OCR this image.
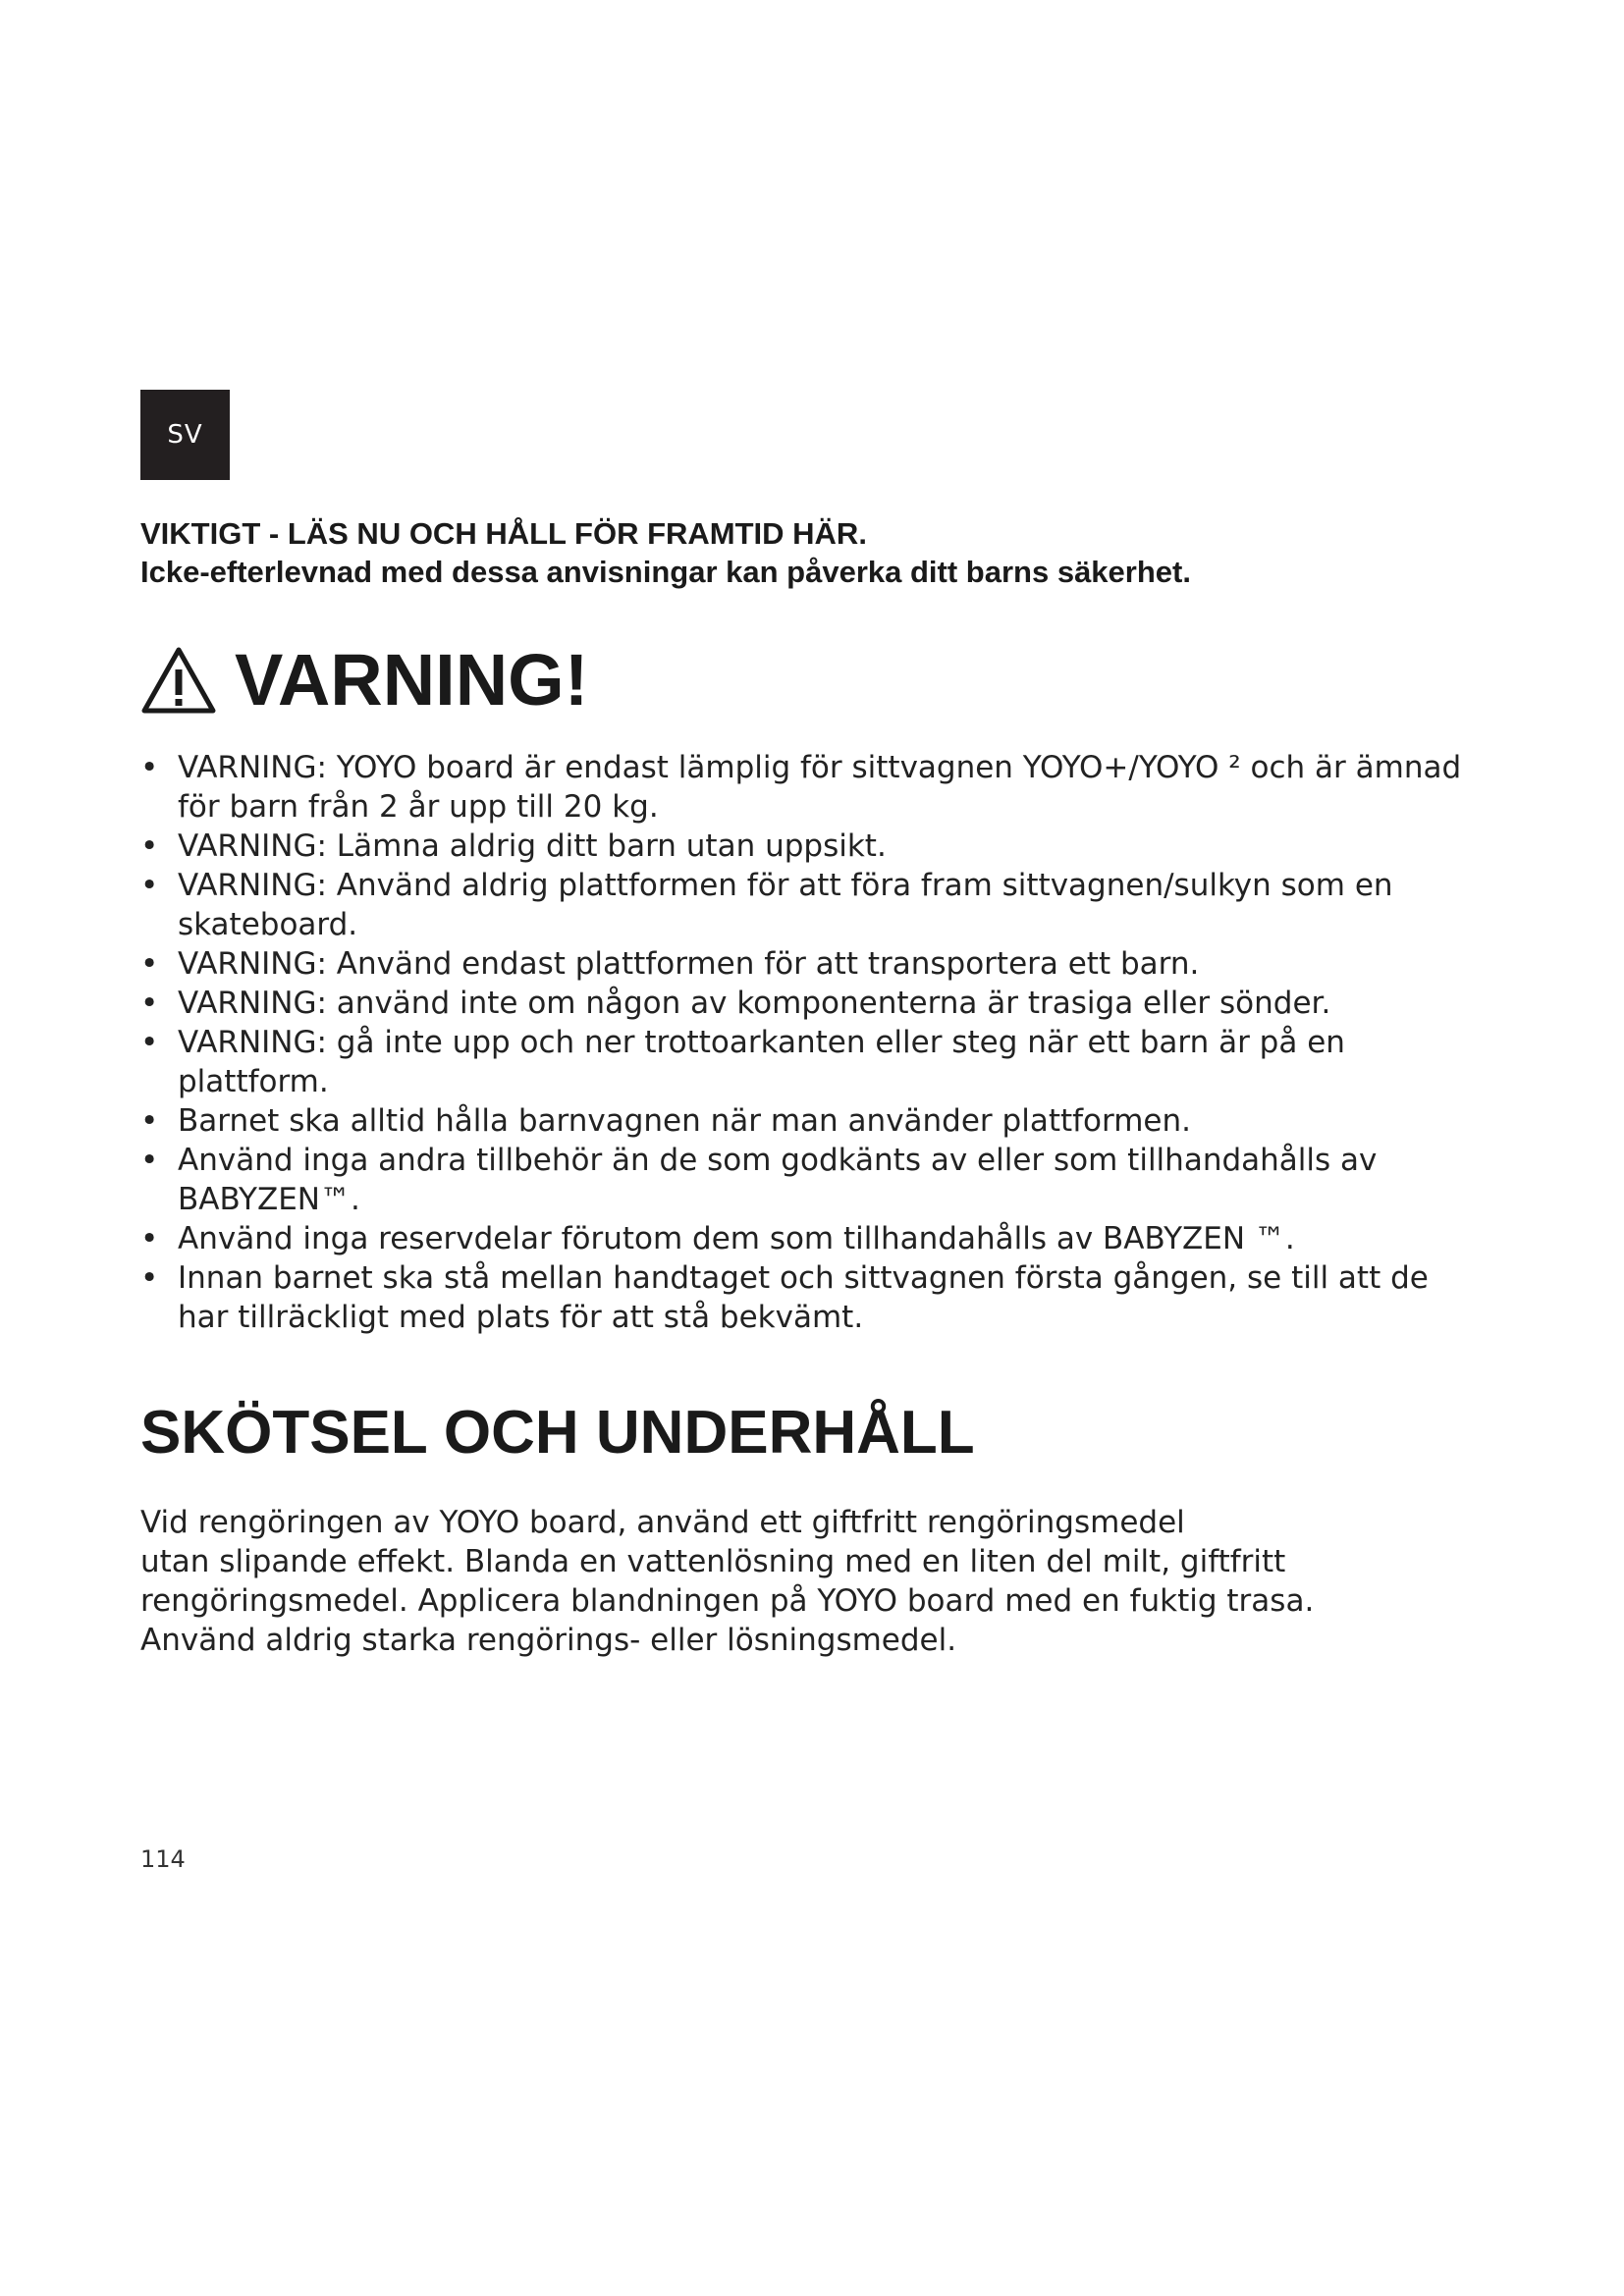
SV
VIKTIGT - LÄS NU OCH HÅLL FÖR FRAMTID HÄR.
Icke-efterlevnad med dessa anvisningar kan påverka ditt barns säkerhet.
VARNING!
• VARNING: YOYO board är endast lämplig för sittvagnen YOYO+/YOYO ² och är ämnad för barn från 2 år upp till 20 kg.
• VARNING: Lämna aldrig ditt barn utan uppsikt.
• VARNING: Använd aldrig plattformen för att föra fram sittvagnen/sulkyn som en skateboard.
• VARNING: Använd endast plattformen för att transportera ett barn.
• VARNING: använd inte om någon av komponenterna är trasiga eller sönder.
• VARNING: gå inte upp och ner trottoarkanten eller steg när ett barn är på en plattform.
• Barnet ska alltid hålla barnvagnen när man använder plattformen.
• Använd inga andra tillbehör än de som godkänts av eller som tillhandahålls av BABYZEN™.
• Använd inga reservdelar förutom dem som tillhandahålls av BABYZEN ™.
• Innan barnet ska stå mellan handtaget och sittvagnen första gången, se till att de har tillräckligt med plats för att stå bekvämt.
SKÖTSEL OCH UNDERHÅLL
Vid rengöringen av YOYO board, använd ett giftfritt rengöringsmedel
utan slipande effekt. Blanda en vattenlösning med en liten del milt, giftfritt
rengöringsmedel. Applicera blandningen på YOYO board med en fuktig trasa.
Använd aldrig starka rengörings- eller lösningsmedel.
114
